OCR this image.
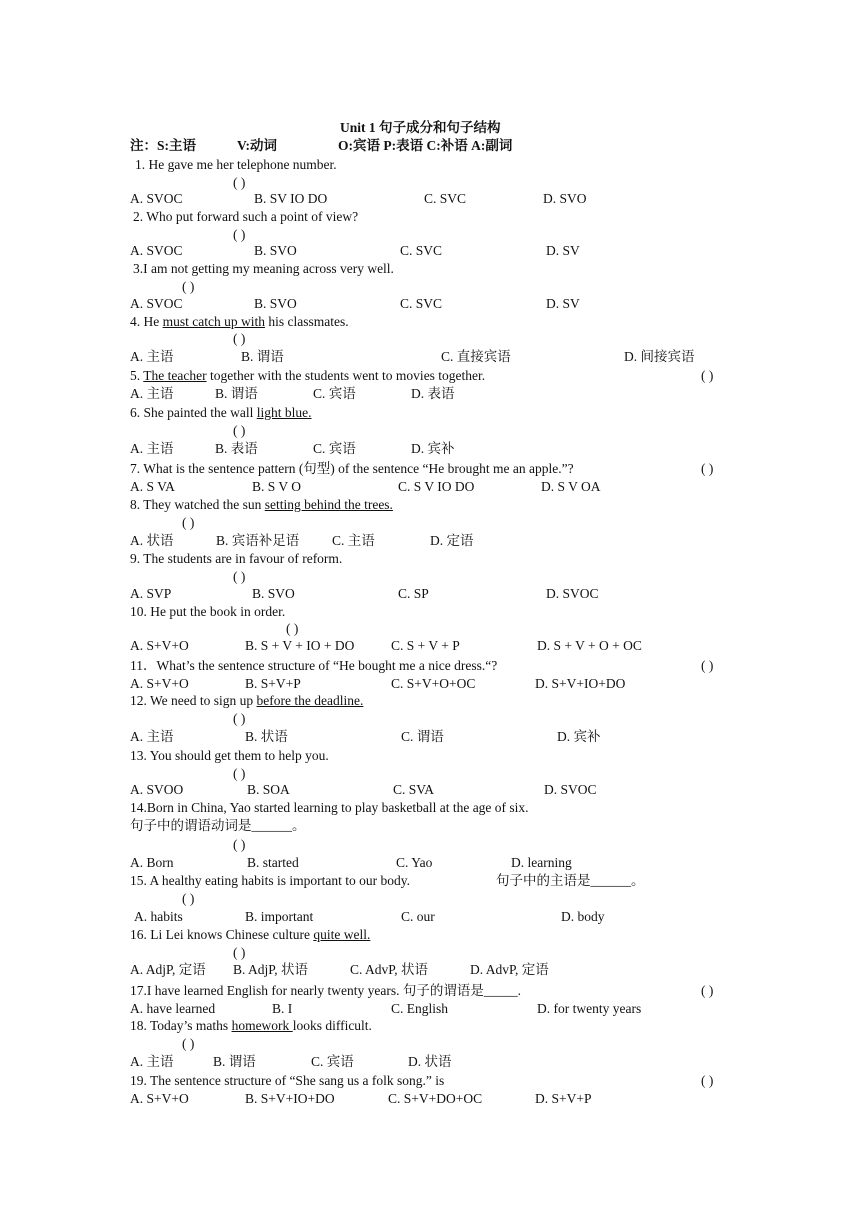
Unit 1 句子成分和句子结构
注：S:主语	V:动词	O:宾语 P:表语 C:补语 A:副词
1. He gave me her telephone number.
( )
A. SVOC	B. SV IO DO	C. SVC	D. SVO
2. Who put forward such a point of view?
( )
A. SVOC	B. SVO	C. SVC	D. SV
3.I am not getting my meaning across very well.
( )
A. SVOC	B. SVO	C. SVC	D. SV
4. He must catch up with his classmates.
( )
A. 主语	B. 谓语	C. 直接宾语	D. 间接宾语
5. The teacher together with the students went to movies together.	( )
A. 主语	B. 谓语	C. 宾语	D. 表语
6. She painted the wall light blue.
( )
A. 主语	B. 表语	C. 宾语	D. 宾补
7. What is the sentence pattern (句型) of the sentence “He brought me an apple.”?	( )
A. S VA	B. S V O	C. S V IO DO	D. S V OA
8. They watched the sun setting behind the trees.
( )
A. 状语	B. 宾语补足语 C. 主语	D. 定语
9. The students are in favour of reform.
( )
A. SVP	B. SVO	C. SP	D. SVOC
10. He put the book in order.
( )
A. S+V+O	B. S + V + IO + DO	C. S + V + P	D. S + V + O + OC
11．What’s the sentence structure of “He bought me a nice dress.“?	( )
A. S+V+O	B. S+V+P	C. S+V+O+OC	D. S+V+IO+DO
12. We need to sign up before the deadline.
( )
A. 主语	B. 状语	C. 谓语	D. 宾补
13. You should get them to help you.
( )
A. SVOO	B. SOA	C. SVA	D. SVOC
14.Born in China, Yao started learning to play basketball at the age of six.
句子中的谓语动词是______。
( )
A. Born	B. started	C. Yao	D. learning
15. A healthy eating habits is important to our body.	句子中的主语是______。
( )
A. habits	B. important	C. our	D. body
16. Li Lei knows Chinese culture quite well.
( )
A. AdjP, 定语 B. AdjP, 状语	C. AdvP, 状语	D. AdvP, 定语
17.I have learned English for nearly twenty years. 句子的谓语是_____.	( )
A. have learned	B. I	C. English	D. for twenty years
18. Today’s maths homework looks difficult.
( )
A. 主语	B. 谓语	C. 宾语	D. 状语
19. The sentence structure of “She sang us a folk song.” is	( )
A. S+V+O	B. S+V+IO+DO	C. S+V+DO+OC	D. S+V+P
